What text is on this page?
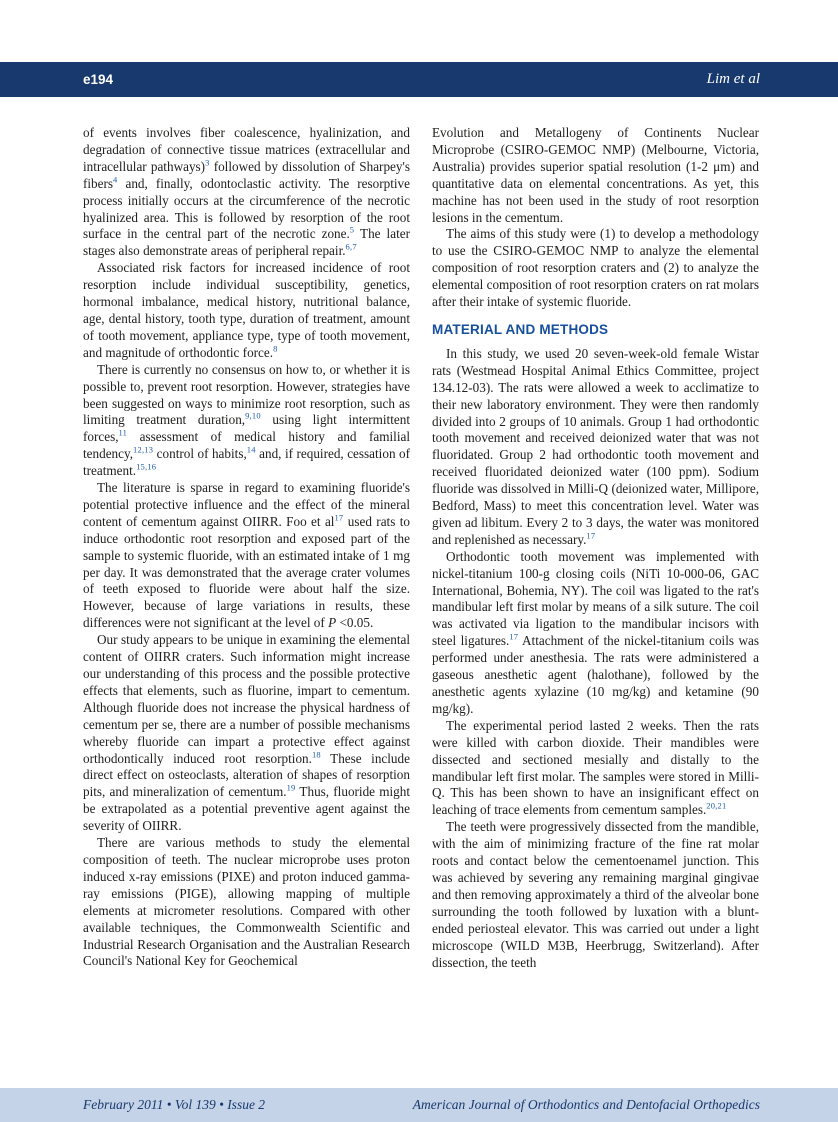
e194	Lim et al

of events involves fiber coalescence, hyalinization, and degradation of connective tissue matrices (extracellular and intracellular pathways)$^3$ followed by dissolution of Sharpey's fibers$^4$ and, finally, odontoclastic activity. The resorptive process initially occurs at the circumference of the necrotic hyalinized area. This is followed by resorption of the root surface in the central part of the necrotic zone.$^5$ The later stages also demonstrate areas of peripheral repair.$^{6,7}$

Associated risk factors for increased incidence of root resorption include individual susceptibility, genetics, hormonal imbalance, medical history, nutritional balance, age, dental history, tooth type, duration of treatment, amount of tooth movement, appliance type, type of tooth movement, and magnitude of orthodontic force.$^8$

There is currently no consensus on how to, or whether it is possible to, prevent root resorption. However, strategies have been suggested on ways to minimize root resorption, such as limiting treatment duration,$^{9,10}$ using light intermittent forces,$^{11}$ assessment of medical history and familial tendency,$^{12,13}$ control of habits,$^{14}$ and, if required, cessation of treatment.$^{15,16}$

The literature is sparse in regard to examining fluoride's potential protective influence and the effect of the mineral content of cementum against OIIRR. Foo et al$^{17}$ used rats to induce orthodontic root resorption and exposed part of the sample to systemic fluoride, with an estimated intake of 1 mg per day. It was demonstrated that the average crater volumes of teeth exposed to fluoride were about half the size. However, because of large variations in results, these differences were not significant at the level of P <0.05.

Our study appears to be unique in examining the elemental content of OIIRR craters. Such information might increase our understanding of this process and the possible protective effects that elements, such as fluorine, impart to cementum. Although fluoride does not increase the physical hardness of cementum per se, there are a number of possible mechanisms whereby fluoride can impart a protective effect against orthodontically induced root resorption.$^{18}$ These include direct effect on osteoclasts, alteration of shapes of resorption pits, and mineralization of cementum.$^{19}$ Thus, fluoride might be extrapolated as a potential preventive agent against the severity of OIIRR.

There are various methods to study the elemental composition of teeth. The nuclear microprobe uses proton induced x-ray emissions (PIXE) and proton induced gamma-ray emissions (PIGE), allowing mapping of multiple elements at micrometer resolutions. Compared with other available techniques, the Commonwealth Scientific and Industrial Research Organisation and the Australian Research Council's National Key for Geochemical

Evolution and Metallogeny of Continents Nuclear Microprobe (CSIRO-GEMOC NMP) (Melbourne, Victoria, Australia) provides superior spatial resolution (1-2 μm) and quantitative data on elemental concentrations. As yet, this machine has not been used in the study of root resorption lesions in the cementum.

The aims of this study were (1) to develop a methodology to use the CSIRO-GEMOC NMP to analyze the elemental composition of root resorption craters and (2) to analyze the elemental composition of root resorption craters on rat molars after their intake of systemic fluoride.

MATERIAL AND METHODS

In this study, we used 20 seven-week-old female Wistar rats (Westmead Hospital Animal Ethics Committee, project 134.12-03). The rats were allowed a week to acclimatize to their new laboratory environment. They were then randomly divided into 2 groups of 10 animals. Group 1 had orthodontic tooth movement and received deionized water that was not fluoridated. Group 2 had orthodontic tooth movement and received fluoridated deionized water (100 ppm). Sodium fluoride was dissolved in Milli-Q (deionized water, Millipore, Bedford, Mass) to meet this concentration level. Water was given ad libitum. Every 2 to 3 days, the water was monitored and replenished as necessary.$^{17}$

Orthodontic tooth movement was implemented with nickel-titanium 100-g closing coils (NiTi 10-000-06, GAC International, Bohemia, NY). The coil was ligated to the rat's mandibular left first molar by means of a silk suture. The coil was activated via ligation to the mandibular incisors with steel ligatures.$^{17}$ Attachment of the nickel-titanium coils was performed under anesthesia. The rats were administered a gaseous anesthetic agent (halothane), followed by the anesthetic agents xylazine (10 mg/kg) and ketamine (90 mg/kg).

The experimental period lasted 2 weeks. Then the rats were killed with carbon dioxide. Their mandibles were dissected and sectioned mesially and distally to the mandibular left first molar. The samples were stored in Milli-Q. This has been shown to have an insignificant effect on leaching of trace elements from cementum samples.$^{20,21}$

The teeth were progressively dissected from the mandible, with the aim of minimizing fracture of the fine rat molar roots and contact below the cementoenamel junction. This was achieved by severing any remaining marginal gingivae and then removing approximately a third of the alveolar bone surrounding the tooth followed by luxation with a blunt-ended periosteal elevator. This was carried out under a light microscope (WILD M3B, Heerbrugg, Switzerland). After dissection, the teeth

February 2011 • Vol 139 • Issue 2	American Journal of Orthodontics and Dentofacial Orthopedics
